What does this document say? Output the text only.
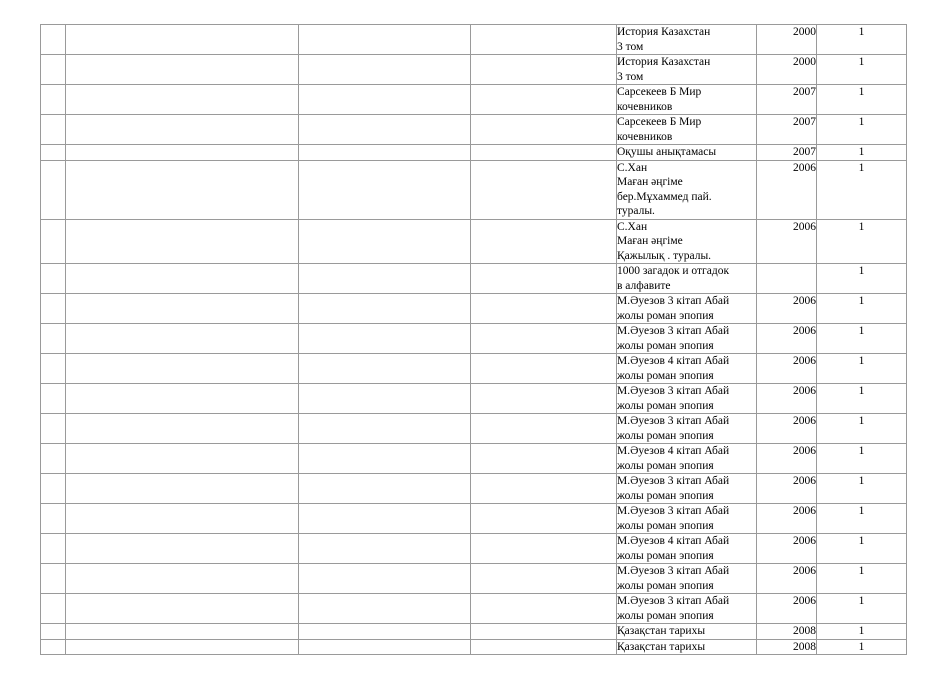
				История Казахстан
3 том	2000	1
				История Казахстан
3 том	2000	1
				Сарсекеев Б Мир
кочевников	2007	1
				Сарсекеев Б Мир
кочевников	2007	1
				Оқушы анықтамасы	2007	1
				С.Хан
Маған әңгіме
бер.Мұхаммед пай.
туралы.	2006	1
				С.Хан
Маған әңгіме
Қажылық . туралы.	2006	1
				1000 загадок и отгадок
в алфавите		1
				М.Әуезов 3 кітап Абай
жолы роман эпопия	2006	1
				М.Әуезов 3 кітап Абай
жолы роман эпопия	2006	1
				М.Әуезов 4 кітап Абай
жолы роман эпопия	2006	1
				М.Әуезов 3 кітап Абай
жолы роман эпопия	2006	1
				М.Әуезов 3 кітап Абай
жолы роман эпопия	2006	1
				М.Әуезов 4 кітап Абай
жолы роман эпопия	2006	1
				М.Әуезов 3 кітап Абай
жолы роман эпопия	2006	1
				М.Әуезов 3 кітап Абай
жолы роман эпопия	2006	1
				М.Әуезов 4 кітап Абай
жолы роман эпопия	2006	1
				М.Әуезов 3 кітап Абай
жолы роман эпопия	2006	1
				М.Әуезов 3 кітап Абай
жолы роман эпопия	2006	1
				Қазақстан тарихы	2008	1
				Қазақстан тарихы	2008	1
